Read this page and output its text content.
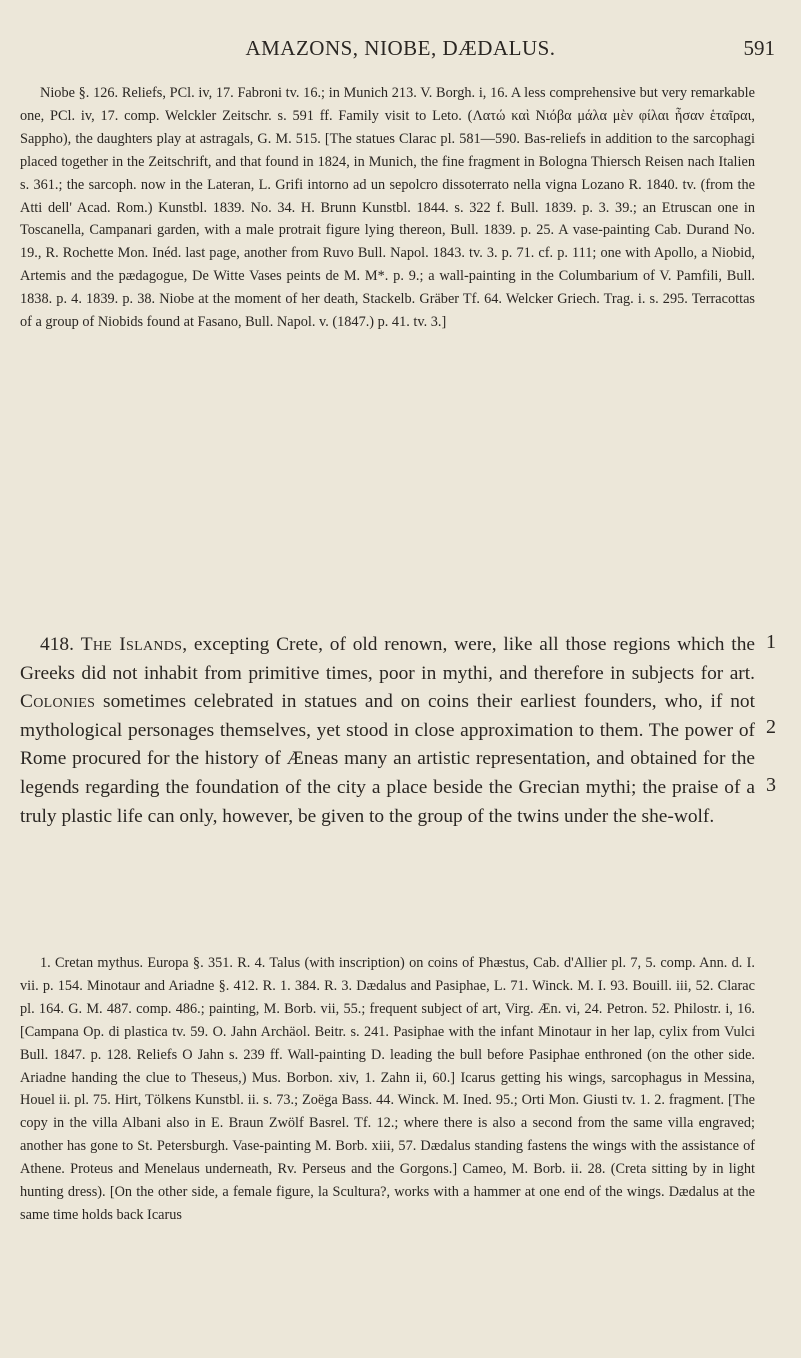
AMAZONS, NIOBE, DÆDALUS.	591

Niobe §. 126. Reliefs, PCl. iv, 17. Fabroni tv. 16.; in Munich 213. V. Borgh. i, 16. A less comprehensive but very remarkable one, PCl. iv, 17. comp. Welckler Zeitschr. s. 591 ff. Family visit to Leto. (Λατώ καὶ Νιόβα μάλα μὲν φίλαι ἦσαν ἑταῖραι, Sappho), the daughters play at astragals, G. M. 515. [The statues Clarac pl. 581—590. Bas-reliefs in addition to the sarcophagi placed together in the Zeitschrift, and that found in 1824, in Munich, the fine fragment in Bologna Thiersch Reisen nach Italien s. 361.; the sarcoph. now in the Lateran, L. Grifi intorno ad un sepolcro dissoterrato nella vigna Lozano R. 1840. tv. (from the Atti dell' Acad. Rom.) Kunstbl. 1839. No. 34. H. Brunn Kunstbl. 1844. s. 322 f. Bull. 1839. p. 3. 39.; an Etruscan one in Toscanella, Campanari garden, with a male protrait figure lying thereon, Bull. 1839. p. 25. A vase-painting Cab. Durand No. 19., R. Rochette Mon. Inéd. last page, another from Ruvo Bull. Napol. 1843. tv. 3. p. 71. cf. p. 111; one with Apollo, a Niobid, Artemis and the pædagogue, De Witte Vases peints de M. M*. p. 9.; a wall-painting in the Columbarium of V. Pamfili, Bull. 1838. p. 4. 1839. p. 38. Niobe at the moment of her death, Stackelb. Gräber Tf. 64. Welcker Griech. Trag. i. s. 295. Terracottas of a group of Niobids found at Fasano, Bull. Napol. v. (1847.) p. 41. tv. 3.]

418. The Islands, excepting Crete, of old renown, were, like all those regions which the Greeks did not inhabit from primitive times, poor in mythi, and therefore in subjects for art. Colonies sometimes celebrated in statues and on coins their earliest founders, who, if not mythological personages themselves, yet stood in close approximation to them. The power of Rome procured for the history of Æneas many an artistic representation, and obtained for the legends regarding the foundation of the city a place beside the Grecian mythi; the praise of a truly plastic life can only, however, be given to the group of the twins under the she-wolf.

1
2
3

1. Cretan mythus. Europa §. 351. R. 4. Talus (with inscription) on coins of Phæstus, Cab. d'Allier pl. 7, 5. comp. Ann. d. I. vii. p. 154. Minotaur and Ariadne §. 412. R. 1. 384. R. 3. Dædalus and Pasiphae, L. 71. Winck. M. I. 93. Bouill. iii, 52. Clarac pl. 164. G. M. 487. comp. 486.; painting, M. Borb. vii, 55.; frequent subject of art, Virg. Æn. vi, 24. Petron. 52. Philostr. i, 16. [Campana Op. di plastica tv. 59. O. Jahn Archäol. Beitr. s. 241. Pasiphae with the infant Minotaur in her lap, cylix from Vulci Bull. 1847. p. 128. Reliefs O Jahn s. 239 ff. Wall-painting D. leading the bull before Pasiphae enthroned (on the other side. Ariadne handing the clue to Theseus,) Mus. Borbon. xiv, 1. Zahn ii, 60.] Icarus getting his wings, sarcophagus in Messina, Houel ii. pl. 75. Hirt, Tölkens Kunstbl. ii. s. 73.; Zoëga Bass. 44. Winck. M. Ined. 95.; Orti Mon. Giusti tv. 1. 2. fragment. [The copy in the villa Albani also in E. Braun Zwölf Basrel. Tf. 12.; where there is also a second from the same villa engraved; another has gone to St. Petersburgh. Vase-painting M. Borb. xiii, 57. Dædalus standing fastens the wings with the assistance of Athene. Proteus and Menelaus underneath, Rv. Perseus and the Gorgons.] Cameo, M. Borb. ii. 28. (Creta sitting by in light hunting dress). [On the other side, a female figure, la Scultura?, works with a hammer at one end of the wings. Dædalus at the same time holds back Icarus
